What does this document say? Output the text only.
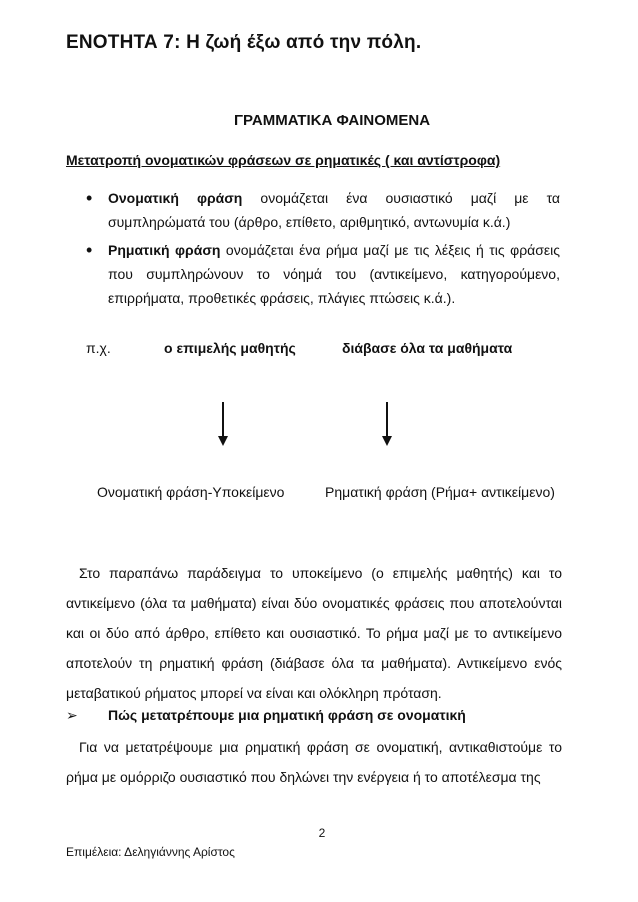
ΕΝΟΤΗΤΑ 7: Η ζωή έξω από την πόλη.
ΓΡΑΜΜΑΤΙΚΑ ΦΑΙΝΟΜΕΝΑ
Μετατροπή ονοματικών φράσεων σε ρηματικές ( και αντίστροφα)
• Ονοματική φράση ονομάζεται ένα ουσιαστικό μαζί με τα συμπληρώματά του (άρθρο, επίθετο, αριθμητικό, αντωνυμία κ.ά.)
• Ρηματική φράση ονομάζεται ένα ρήμα μαζί με τις λέξεις ή τις φράσεις που συμπληρώνουν το νόημά του (αντικείμενο, κατηγορούμενο, επιρρήματα, προθετικές φράσεις, πλάγιες πτώσεις κ.ά.).
π.χ.	ο επιμελής μαθητής	διάβασε όλα τα μαθήματα
Ονοματική φράση-Υποκείμενο	Ρηματική φράση (Ρήμα+ αντικείμενο)
Στο παραπάνω παράδειγμα το υποκείμενο (ο επιμελής μαθητής) και το αντικείμενο (όλα τα μαθήματα) είναι δύο ονοματικές φράσεις που αποτελούνται και οι δύο από άρθρο, επίθετο και ουσιαστικό. Το ρήμα μαζί με το αντικείμενο αποτελούν τη ρηματική φράση (διάβασε όλα τα μαθήματα). Αντικείμενο ενός μεταβατικού ρήματος μπορεί να είναι και ολόκληρη πρόταση.
➢ Πώς μετατρέπουμε μια ρηματική φράση σε ονοματική
Για να μετατρέψουμε μια ρηματική φράση σε ονοματική, αντικαθιστούμε το ρήμα με ομόρριζο ουσιαστικό που δηλώνει την ενέργεια ή το αποτέλεσμα της
2
Επιμέλεια: Δεληγιάννης Αρίστος
